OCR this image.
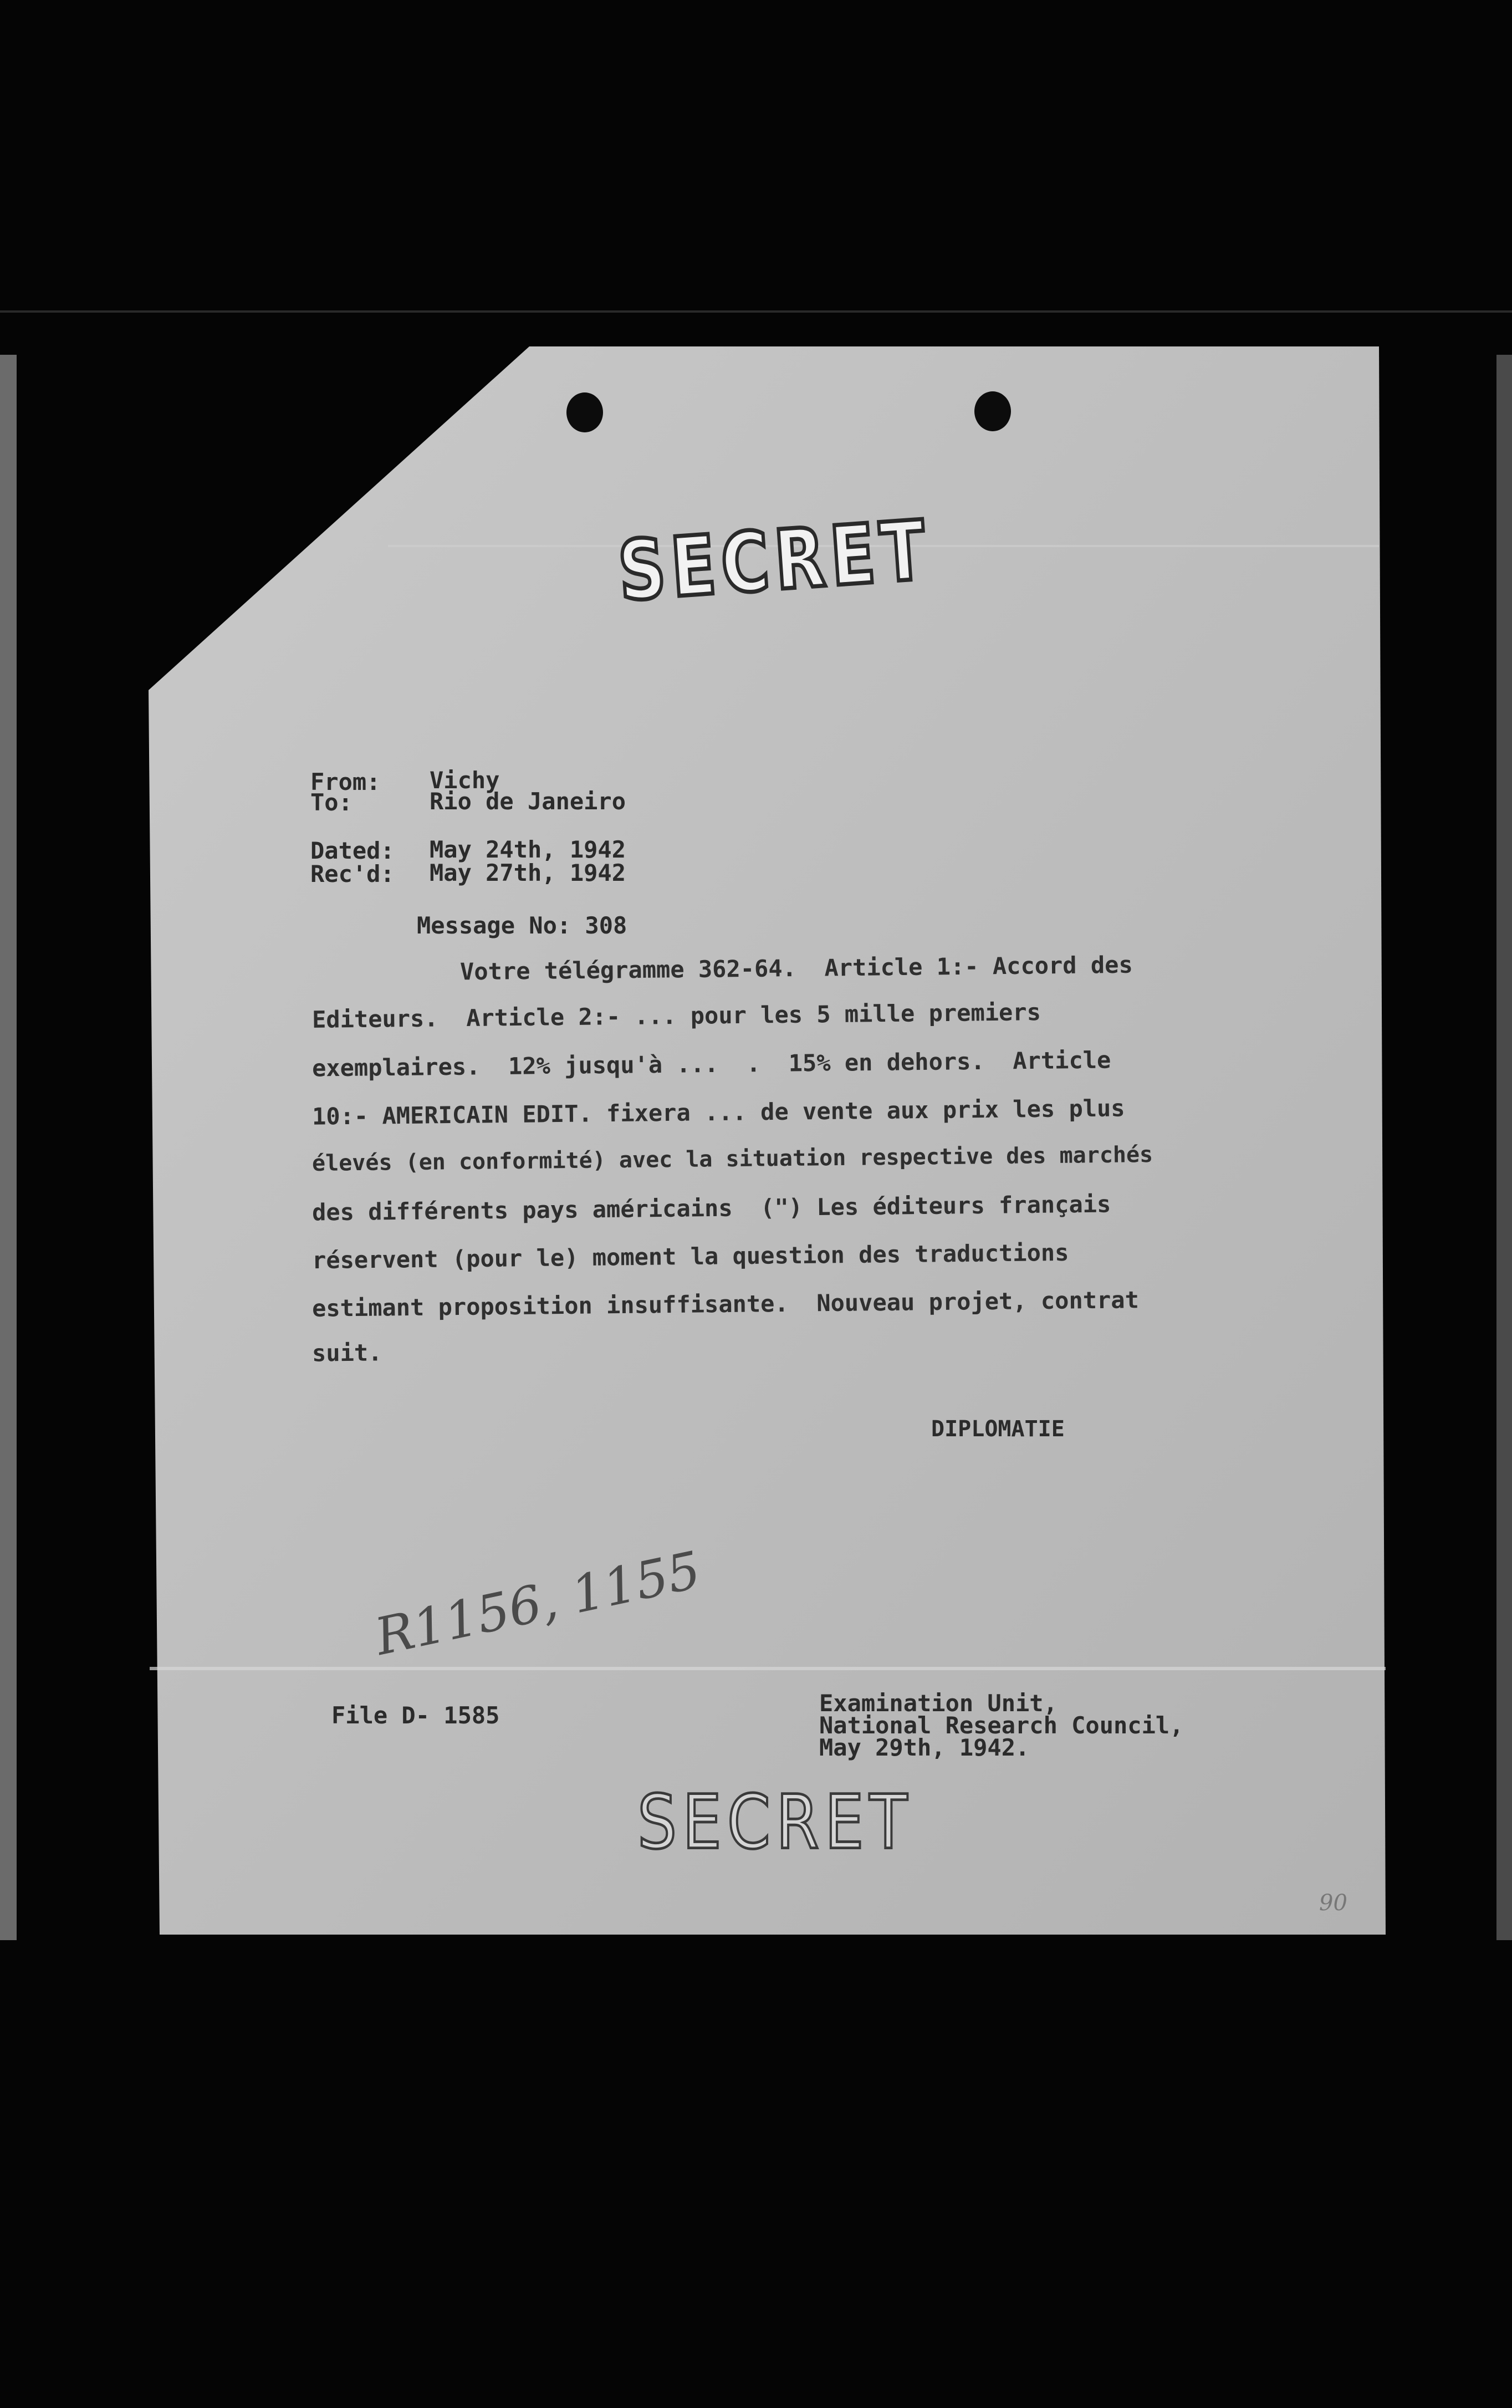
SECRET
From: Vichy
To:	Rio de Janeiro
Dated: May 24th, 1942
Rec'd: May 27th, 1942
Message No: 308
Votre télégramme 362-64.  Article 1:- Accord des
Editeurs.  Article 2:- ... pour les 5 mille premiers
exemplaires.  12% jusqu'à ...  .  15% en dehors.  Article
10:- AMERICAIN EDIT. fixera ... de vente aux prix les plus
élevés (en conformité) avec la situation respective des marchés
des différents pays américains  (") Les éditeurs français
réservent (pour le) moment la question des traductions
estimant proposition insuffisante.  Nouveau projet, contrat
suit.
DIPLOMATIE
R1156, 1155
File D- 1585	Examination Unit,
National Research Council,
May 29th, 1942.
SECRET
90
